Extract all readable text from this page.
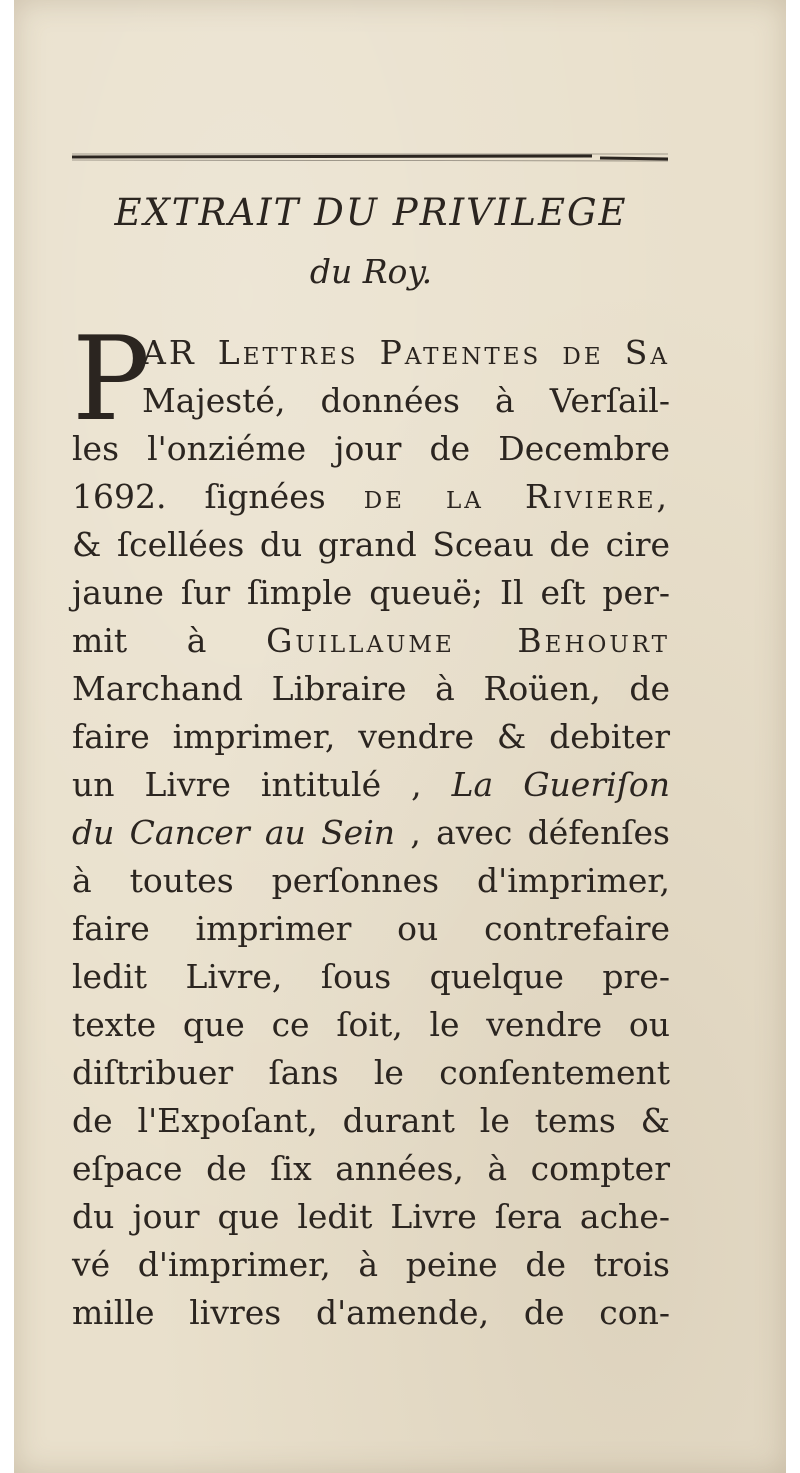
EXTRAIT DU PRIVILEGE
du Roy.
P
AR Lettres Patentes de Sa
Majesté, données à Verſail-
les l'onziéme jour de Decembre
1692. ſignées de la Riviere,
& ſcellées du grand Sceau de cire
jaune ſur ſimple queuë; Il eſt per-
mit à Guillaume Behourt
Marchand Libraire à Roüen, de
faire imprimer, vendre & debiter
un Livre intitulé , La Gueriſon
du Cancer au Sein , avec défenſes
à toutes perſonnes d'imprimer,
faire imprimer ou contrefaire
ledit Livre, ſous quelque pre-
texte que ce ſoit, le vendre ou
diſtribuer ſans le conſentement
de l'Expoſant, durant le tems &
eſpace de ſix années, à compter
du jour que ledit Livre ſera ache-
vé d'imprimer, à peine de trois
mille livres d'amende, de con-
